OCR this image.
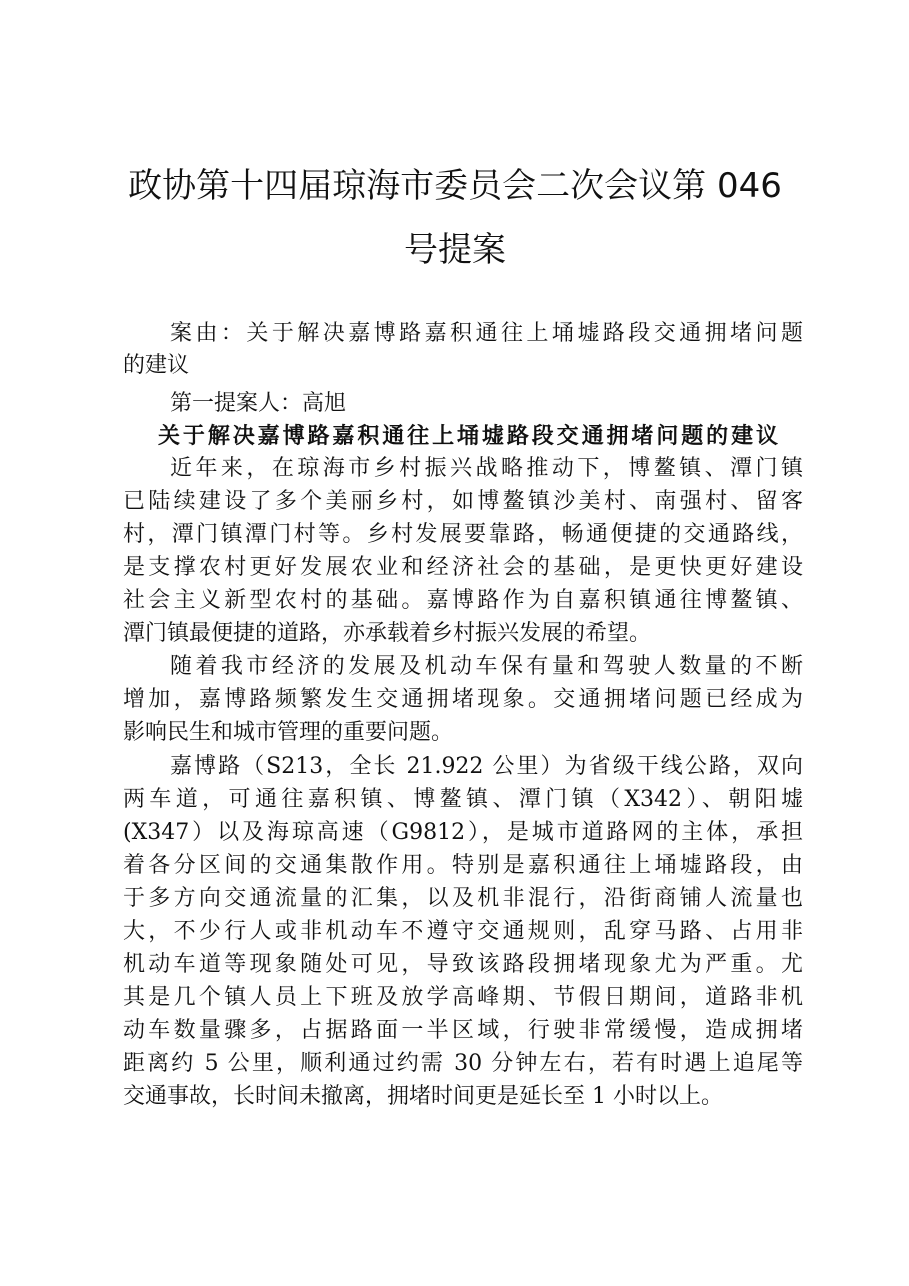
政协第十四届琼海市委员会二次会议第 046
号提案
案由：关于解决嘉博路嘉积通往上埇墟路段交通拥堵问题
的建议
第一提案人：高旭
关于解决嘉博路嘉积通往上埇墟路段交通拥堵问题的建议
近年来，在琼海市乡村振兴战略推动下，博鳌镇、潭门镇
已陆续建设了多个美丽乡村，如博鳌镇沙美村、南强村、留客
村，潭门镇潭门村等。乡村发展要靠路，畅通便捷的交通路线，
是支撑农村更好发展农业和经济社会的基础，是更快更好建设
社会主义新型农村的基础。嘉博路作为自嘉积镇通往博鳌镇、
潭门镇最便捷的道路，亦承载着乡村振兴发展的希望。
随着我市经济的发展及机动车保有量和驾驶人数量的不断
增加，嘉博路频繁发生交通拥堵现象。交通拥堵问题已经成为
影响民生和城市管理的重要问题。
嘉博路（S213，全长 21.922 公里）为省级干线公路，双向
两车道，可通往嘉积镇、博鳌镇、潭门镇（X342）、朝阳墟
(X347）以及海琼高速（G9812），是城市道路网的主体，承担
着各分区间的交通集散作用。特别是嘉积通往上埇墟路段，由
于多方向交通流量的汇集，以及机非混行，沿街商铺人流量也
大，不少行人或非机动车不遵守交通规则，乱穿马路、占用非
机动车道等现象随处可见，导致该路段拥堵现象尤为严重。尤
其是几个镇人员上下班及放学高峰期、节假日期间，道路非机
动车数量骤多，占据路面一半区域，行驶非常缓慢，造成拥堵
距离约 5 公里，顺利通过约需 30 分钟左右，若有时遇上追尾等
交通事故，长时间未撤离，拥堵时间更是延长至 1 小时以上。
